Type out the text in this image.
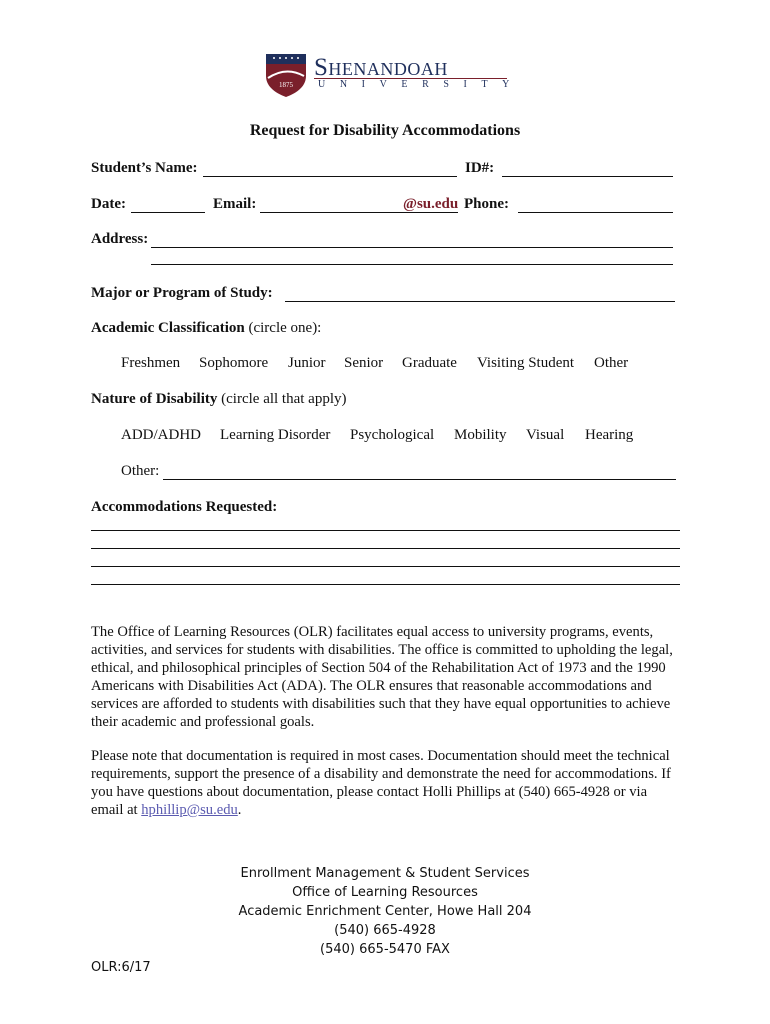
1875
Shenandoah
UNIVERSITY
Request for Disability Accommodations
Student’s Name:	ID#:
Date:	Email:	@su.edu Phone:
Address:
Major or Program of Study:
Academic Classification (circle one):
Freshmen Sophomore Junior Senior Graduate Visiting Student Other
Nature of Disability (circle all that apply)
ADD/ADHD Learning Disorder Psychological Mobility Visual Hearing
Other:
Accommodations Requested:

The Office of Learning Resources (OLR) facilitates equal access to university programs, events, activities, and services for students with disabilities. The office is committed to upholding the legal, ethical, and philosophical principles of Section 504 of the Rehabilitation Act of 1973 and the 1990 Americans with Disabilities Act (ADA). The OLR ensures that reasonable accommodations and services are afforded to students with disabilities such that they have equal opportunities to achieve their academic and professional goals.

Please note that documentation is required in most cases. Documentation should meet the technical requirements, support the presence of a disability and demonstrate the need for accommodations. If you have questions about documentation, please contact Holli Phillips at (540) 665-4928 or via email at hphillip@su.edu.

Enrollment Management & Student Services
Office of Learning Resources
Academic Enrichment Center, Howe Hall 204
(540) 665-4928
(540) 665-5470 FAX
OLR:6/17
